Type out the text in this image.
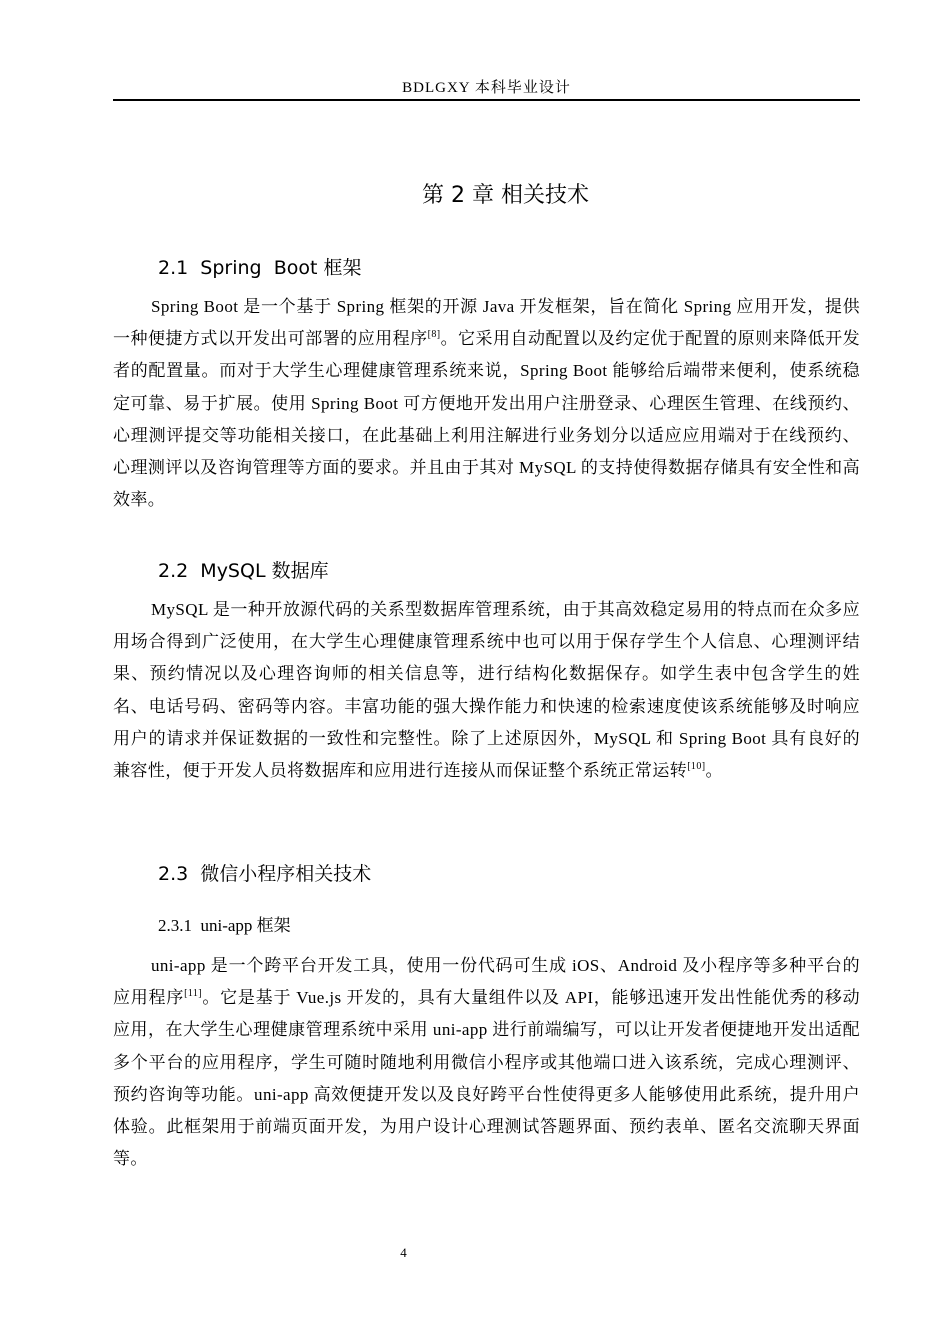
BDLGXY 本科毕业设计
第 2 章 相关技术
2.1  Spring  Boot 框架
Spring Boot 是一个基于 Spring 框架的开源 Java 开发框架，旨在简化 Spring 应用开发，提供一种便捷方式以开发出可部署的应用程序[8]。它采用自动配置以及约定优于配置的原则来降低开发者的配置量。而对于大学生心理健康管理系统来说，Spring Boot 能够给后端带来便利，使系统稳定可靠、易于扩展。使用 Spring Boot 可方便地开发出用户注册登录、心理医生管理、在线预约、心理测评提交等功能相关接口，在此基础上利用注解进行业务划分以适应应用端对于在线预约、心理测评以及咨询管理等方面的要求。并且由于其对 MySQL 的支持使得数据存储具有安全性和高效率。
2.2  MySQL 数据库
MySQL 是一种开放源代码的关系型数据库管理系统，由于其高效稳定易用的特点而在众多应用场合得到广泛使用，在大学生心理健康管理系统中也可以用于保存学生个人信息、心理测评结果、预约情况以及心理咨询师的相关信息等，进行结构化数据保存。如学生表中包含学生的姓名、电话号码、密码等内容。丰富功能的强大操作能力和快速的检索速度使该系统能够及时响应用户的请求并保证数据的一致性和完整性。除了上述原因外，MySQL 和 Spring Boot 具有良好的兼容性，便于开发人员将数据库和应用进行连接从而保证整个系统正常运转[10]。
2.3  微信小程序相关技术
2.3.1  uni-app 框架
uni-app 是一个跨平台开发工具，使用一份代码可生成 iOS、Android 及小程序等多种平台的应用程序[11]。它是基于 Vue.js 开发的，具有大量组件以及 API，能够迅速开发出性能优秀的移动应用，在大学生心理健康管理系统中采用 uni-app 进行前端编写，可以让开发者便捷地开发出适配多个平台的应用程序，学生可随时随地利用微信小程序或其他端口进入该系统，完成心理测评、预约咨询等功能。uni-app 高效便捷开发以及良好跨平台性使得更多人能够使用此系统，提升用户体验。此框架用于前端页面开发，为用户设计心理测试答题界面、预约表单、匿名交流聊天界面等。
4
